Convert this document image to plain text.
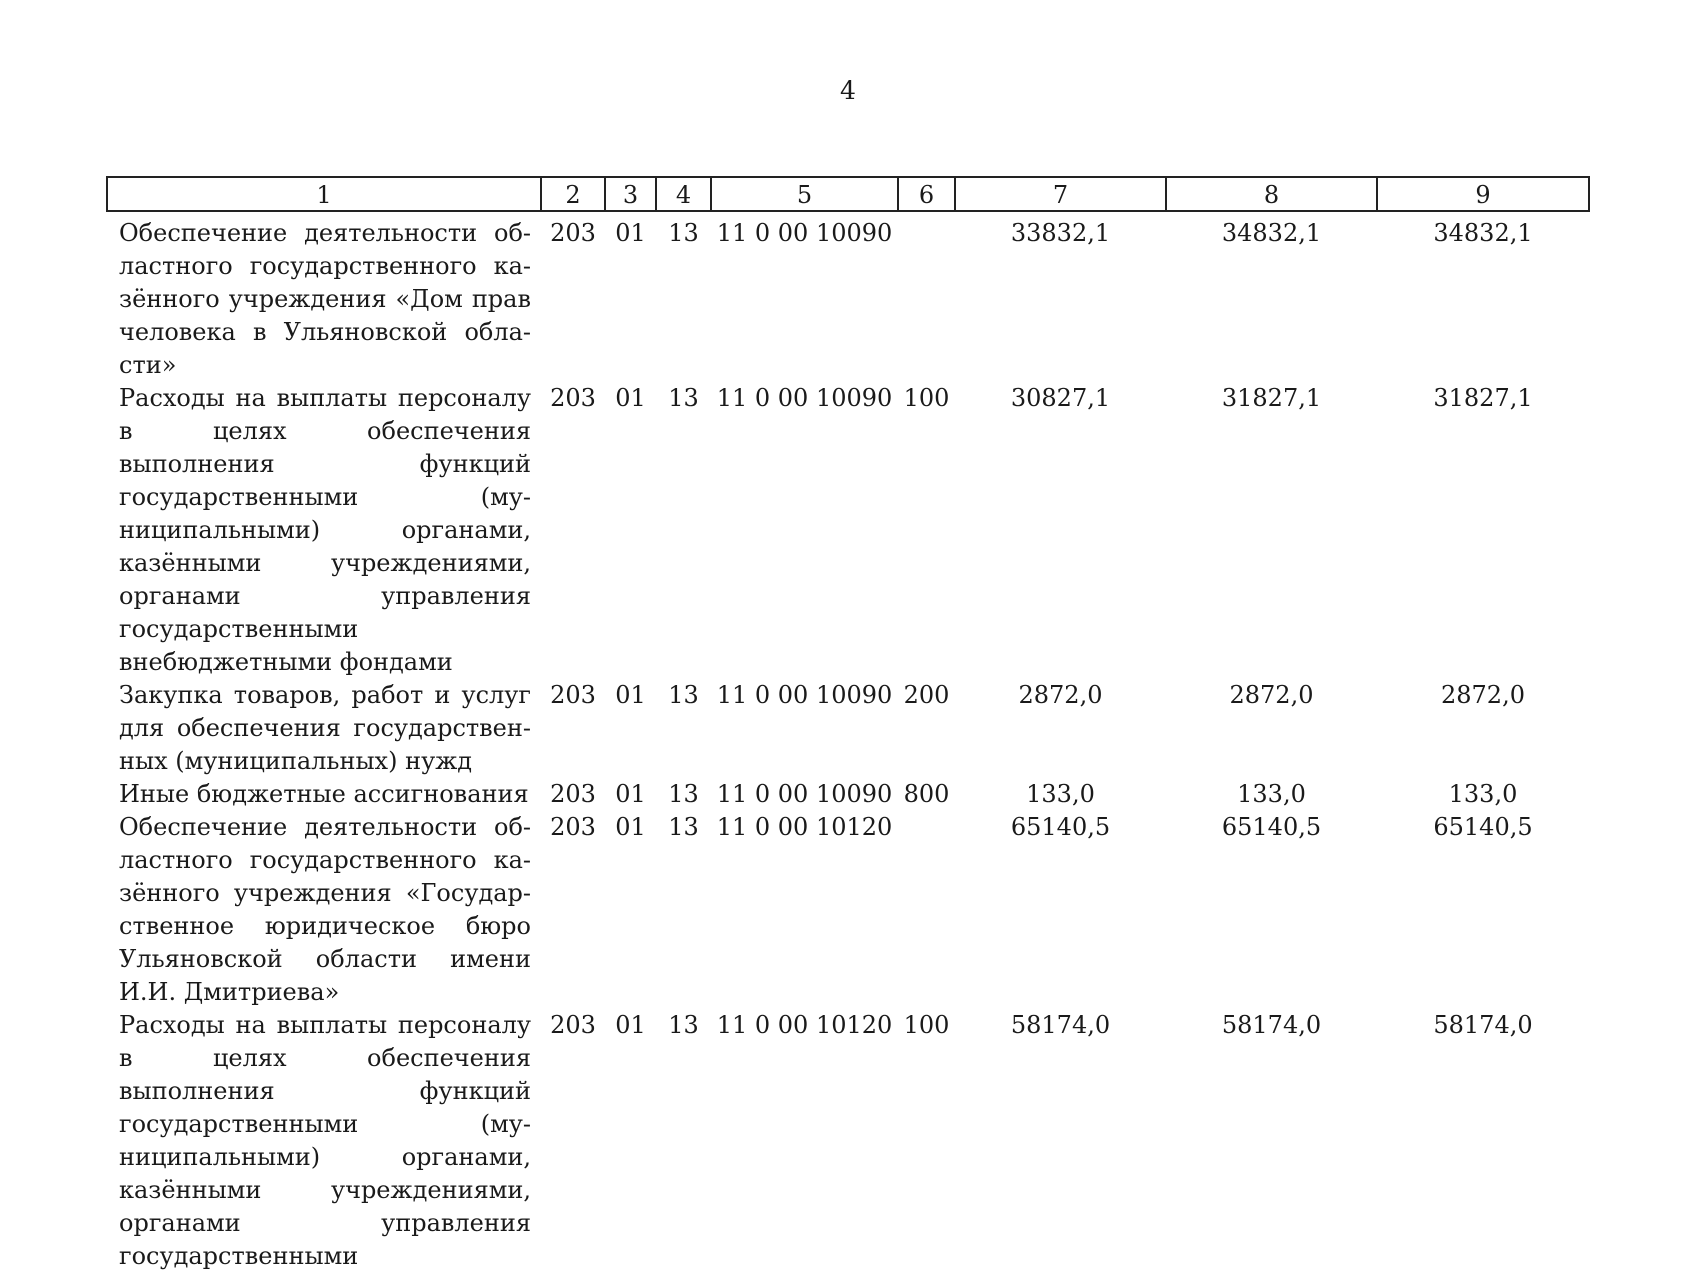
4
1	2	3	4	5	6	7	8	9
Обеспечение деятельности областного государственного казённого учреждения «Дом прав человека в Ульяновской области»	203	01	13	11 0 00 10090		33832,1	34832,1	34832,1
Расходы на выплаты персоналу в целях обеспечения выполнения функций государственными (муниципальными) органами, казёнными учреждениями, органами управления государственными внебюджетными фондами	203	01	13	11 0 00 10090	100	30827,1	31827,1	31827,1
Закупка товаров, работ и услуг для обеспечения государственных (муниципальных) нужд	203	01	13	11 0 00 10090	200	2872,0	2872,0	2872,0
Иные бюджетные ассигнования	203	01	13	11 0 00 10090	800	133,0	133,0	133,0
Обеспечение деятельности областного государственного казённого учреждения «Государственное юридическое бюро Ульяновской области имени И.И. Дмитриева»	203	01	13	11 0 00 10120		65140,5	65140,5	65140,5
Расходы на выплаты персоналу в целях обеспечения выполнения функций государственными (муниципальными) органами, казёнными учреждениями, органами управления государственными	203	01	13	11 0 00 10120	100	58174,0	58174,0	58174,0
